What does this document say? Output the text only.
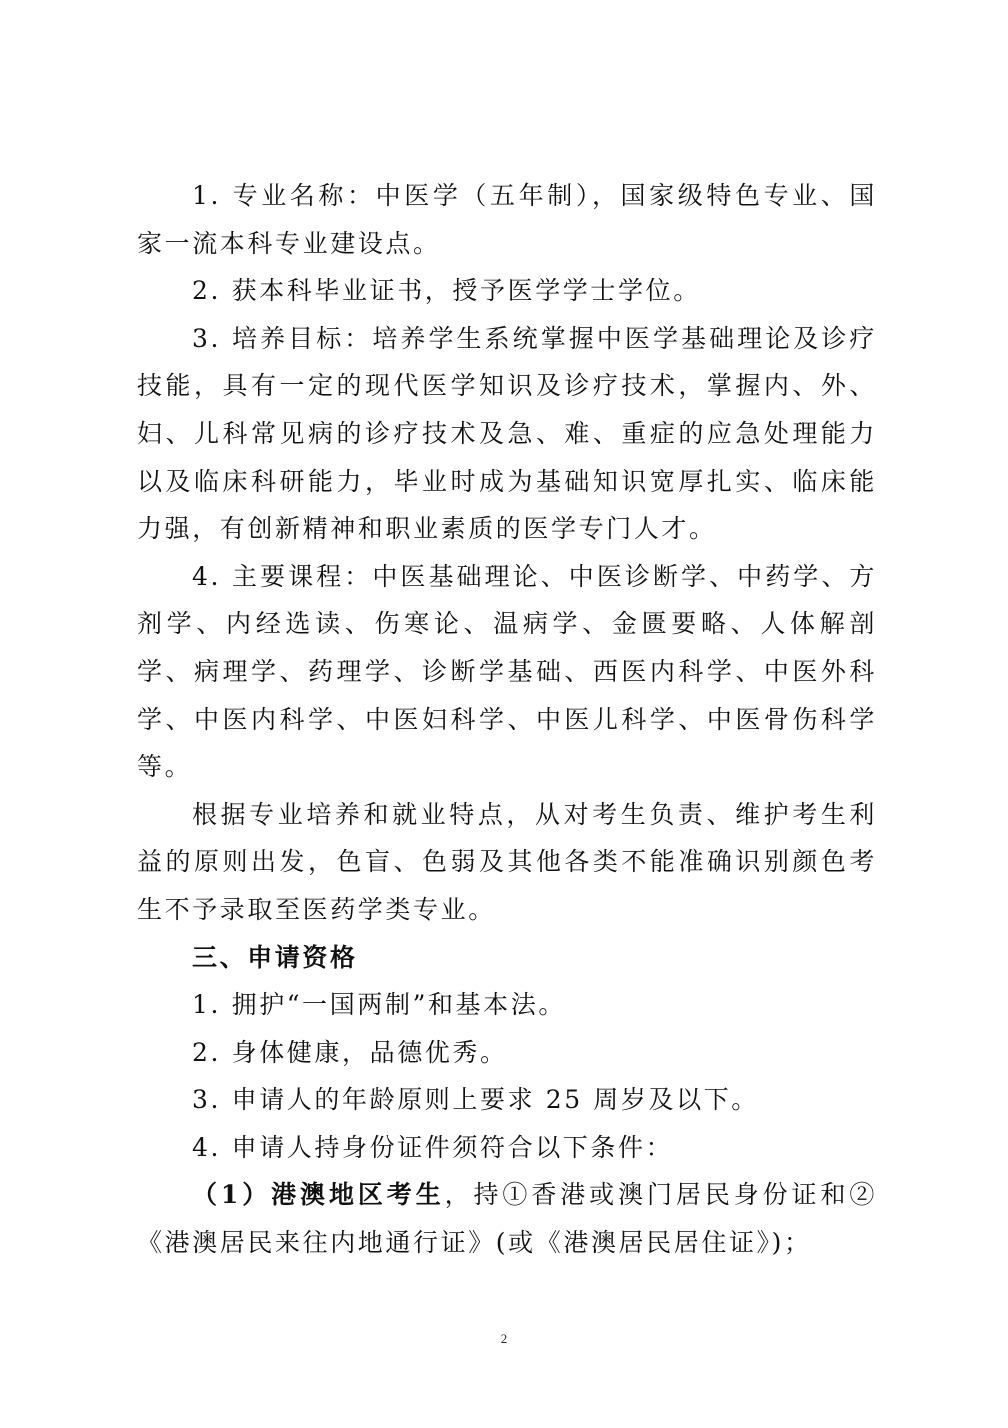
1. 专业名称：中医学（五年制），国家级特色专业、国家一流本科专业建设点。

2. 获本科毕业证书，授予医学学士学位。

3. 培养目标：培养学生系统掌握中医学基础理论及诊疗技能，具有一定的现代医学知识及诊疗技术，掌握内、外、妇、儿科常见病的诊疗技术及急、难、重症的应急处理能力以及临床科研能力，毕业时成为基础知识宽厚扎实、临床能力强，有创新精神和职业素质的医学专门人才。

4. 主要课程：中医基础理论、中医诊断学、中药学、方剂学、内经选读、伤寒论、温病学、金匮要略、人体解剖学、病理学、药理学、诊断学基础、西医内科学、中医外科学、中医内科学、中医妇科学、中医儿科学、中医骨伤科学等。

根据专业培养和就业特点，从对考生负责、维护考生利益的原则出发，色盲、色弱及其他各类不能准确识别颜色考生不予录取至医药学类专业。

三、申请资格

1. 拥护“一国两制”和基本法。

2. 身体健康，品德优秀。

3. 申请人的年龄原则上要求 25 周岁及以下。

4. 申请人持身份证件须符合以下条件：

（1）港澳地区考生，持①香港或澳门居民身份证和②《港澳居民来往内地通行证》(或《港澳居民居住证》)；

2
